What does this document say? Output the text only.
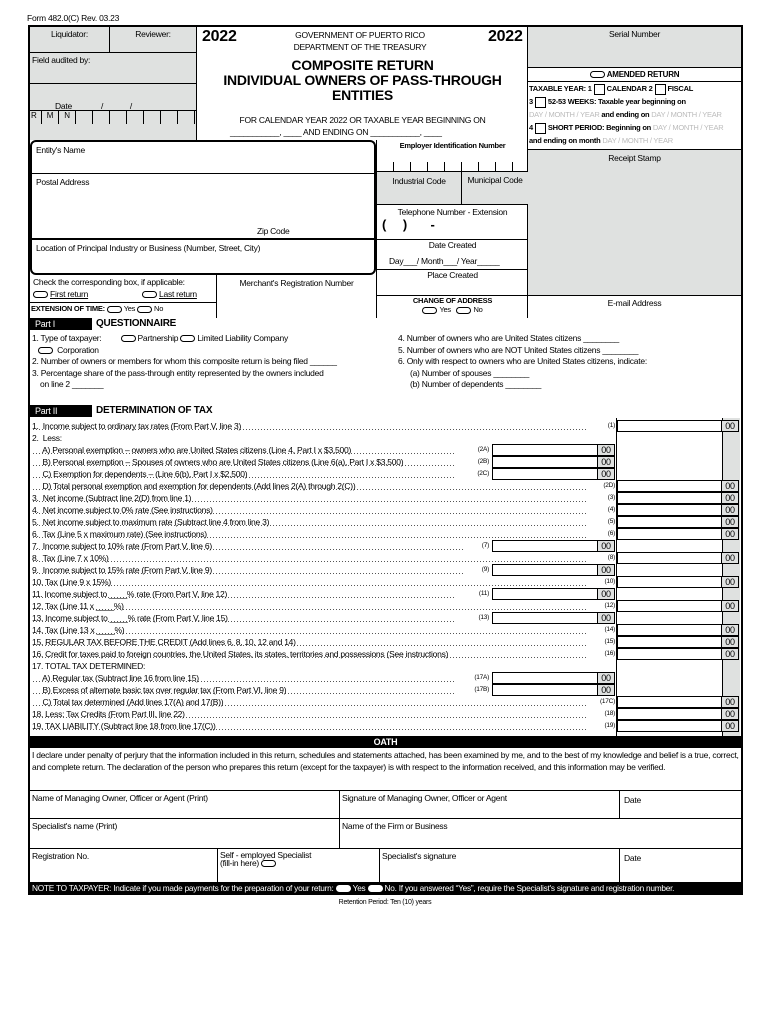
Form 482.0(C) Rev. 03.23
Liquidator:	Reviewer:
Field audited by:
Date ______/______/______
R	M	N
2022	2022
GOVERNMENT OF PUERTO RICO
DEPARTMENT OF THE TREASURY
COMPOSITE RETURN
INDIVIDUAL OWNERS OF PASS-THROUGH
ENTITIES
FOR CALENDAR YEAR 2022 OR TAXABLE YEAR BEGINNING ON
___________, ____ AND ENDING ON ___________, ____
Serial Number
AMENDED RETURN
TAXABLE YEAR: 1 CALENDAR 2 FISCAL
3 52-53 WEEKS: Taxable year beginning on
DAY / MONTH / YEAR and ending on DAY / MONTH / YEAR
4 SHORT PERIOD: Beginning on DAY / MONTH / YEAR
and ending on month DAY / MONTH / YEAR
Receipt Stamp
E-mail Address
Entity's Name
Postal Address
Zip Code
Location of Principal Industry or Business (Number, Street, City)
Employer Identification Number
Industrial Code	Municipal Code
Telephone Number - Extension
(     )       -
Date Created
Day___/ Month___/ Year_____
Place Created
CHANGE OF ADDRESS
Yes	No
Check the corresponding box, if applicable:
First return	Last return
EXTENSION OF TIME:	Yes	No
Merchant's Registration Number
Part I	QUESTIONNAIRE
1. Type of taxpayer:	Partnership Limited Liability Company
Corporation
2. Number of owners or members for whom this composite return is being filed ______
3. Percentage share of the pass-through entity represented by the owners included
on line 2 _______
4. Number of owners who are United States citizens ________
5. Number of owners who are NOT United States citizens ________
6. Only with respect to owners who are United States citizens, indicate:
(a) Number of spouses ________
(b) Number of dependents ________
Part II	DETERMINATION OF TAX
1.  Income subject to ordinary tax rates (From Part V, line 3)	(1)	00
2.  Less:
A) Personal exemption – owners who are United States citizens (Line 4, Part I x $3,500)	(2A)	00
B) Personal exemption – Spouses of owners who are United States citizens (Line 6(a), Part I x $3,500)	(2B)	00
C) Exemption for dependents – (Line 6(b), Part I x $2,500)	(2C)	00
D) Total personal exemption and exemption for dependents (Add lines 2(A) through 2(C))	(2D)	00
3.  Net income (Subtract line 2(D) from line 1)	(3)	00
4.  Net income subject to 0% rate (See instructions)	(4)	00
5.  Net income subject to maximum rate (Subtract line 4 from line 3)	(5)	00
6.  Tax (Line 5 x maximum rate) (See instructions)	(6)	00
7.  Income subject to 10% rate (From Part V, line 6)	(7)	00
8.  Tax (Line 7 x 10%)	(8)	00
9.  Income subject to 15% rate (From Part V, line 9)	(9)	00
10. Tax (Line 9 x 15%)	(10)	00
11. Income subject to ____% rate (From Part V, line 12)	(11)	00
12. Tax (Line 11 x ____%)	(12)	00
13. Income subject to ____% rate (From Part V, line 15)	(13)	00
14. Tax (Line 13 x ____%)	(14)	00
15. REGULAR TAX BEFORE THE CREDIT (Add lines 6, 8, 10, 12 and 14)	(15)	00
16. Credit for taxes paid to foreign countries, the United States, its states, territories and possessions (See instructions)	(16)	00
17. TOTAL TAX DETERMINED:
A) Regular tax (Subtract line 16 from line 15)	(17A)	00
B) Excess of alternate basic tax over regular tax (From Part VI, line 9)	(17B)	00
C) Total tax determined (Add lines 17(A) and 17(B))	(17C)	00
18. Less: Tax Credits (From Part III, line 22)	(18)	00
19. TAX LIABILITY (Subtract line 18 from line 17(C))	(19)	00
OATH
I declare under penalty of perjury that the information included in this return, schedules and statements attached, has been examined by me, and to the best of my knowledge and belief is a true, correct, and complete return. The declaration of the person who prepares this return (except for the taxpayer) is with respect to the information received, and this information may be verified.
Name of Managing Owner, Officer or Agent (Print)	Signature of Managing Owner, Officer or Agent	Date
Specialist's name (Print)	Name of the Firm or Business
Registration No.	Self - employed Specialist
(fill-in here)
Specialist's signature	Date
NOTE TO TAXPAYER: Indicate if you made payments for the preparation of your return: Yes No. If you answered “Yes”, require the Specialist's signature and registration number.
Retention Period: Ten (10) years
